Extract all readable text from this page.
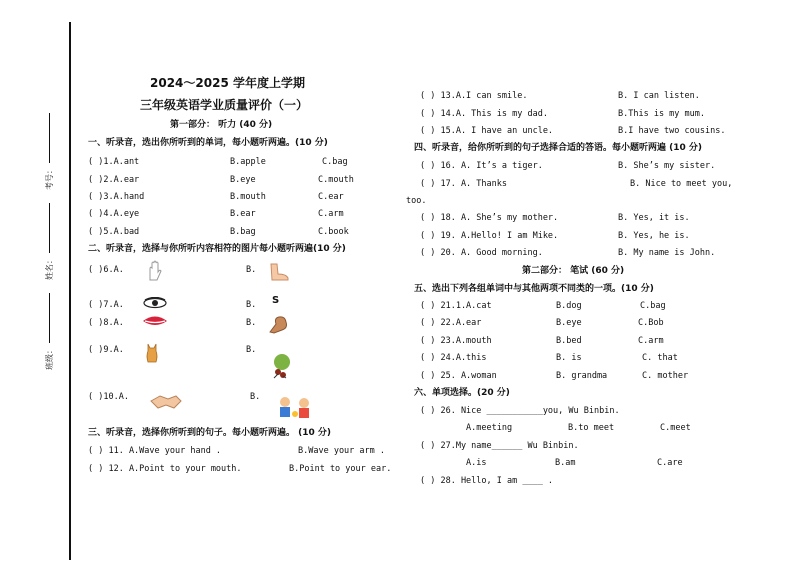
考号：
姓名：
班级：
2024～2025 学年度上学期
三年级英语学业质量评价（一）
第一部分： 听力 (40 分)
一、听录音，选出你所听到的单词，每小题听两遍。(10 分)
( )1.A.ant	B.apple	C.bag
( )2.A.ear	B.eye	C.mouth
( )3.A.hand	B.mouth	C.ear
( )4.A.eye	B.ear	C.arm
( )5.A.bad	B.bag	C.book
二、听录音，选择与你所听内容相符的图片每小题听两遍(10 分)
( )6.A.	B.
( )7.A.	B. S
( )8.A.	B.
( )9.A.	B.
( )10.A.	B.
三、听录音，选择你所听到的句子。每小题听两遍。 (10 分)
( ) 11. A.Wave your hand .	B.Wave your arm .
( ) 12. A.Point to your mouth.	B.Point to your ear.
( ) 13.A.I can smile.	B. I can listen.
( ) 14.A. This is my dad.	B.This is my mum.
( ) 15.A. I have an uncle.	B.I have two cousins.
四、听录音，给你所听到的句子选择合适的答语。每小题听两遍 (10 分)
( ) 16. A. It’s a tiger.	B. She’s my sister.
( ) 17. A. Thanks	B. Nice to meet you,
too.
( ) 18. A. She’s my mother.	B. Yes, it is.
( ) 19. A.Hello! I am Mike.	B. Yes, he is.
( ) 20. A. Good morning.	B. My name is John.
第二部分： 笔试 (60 分)
五、选出下列各组单词中与其他两项不同类的一项。(10 分)
( ) 21.1.A.cat	B.dog	C.bag
( ) 22.A.ear	B.eye	C.Bob
( ) 23.A.mouth	B.bed	C.arm
( ) 24.A.this	B. is	C. that
( ) 25. A.woman	B. grandma	C. mother
六、单项选择。(20 分)
( ) 26. Nice ___________you, Wu Binbin.
A.meeting	B.to meet	C.meet
( ) 27.My name______ Wu Binbin.
A.is	B.am	C.are
( ) 28. Hello, I am ____ .
